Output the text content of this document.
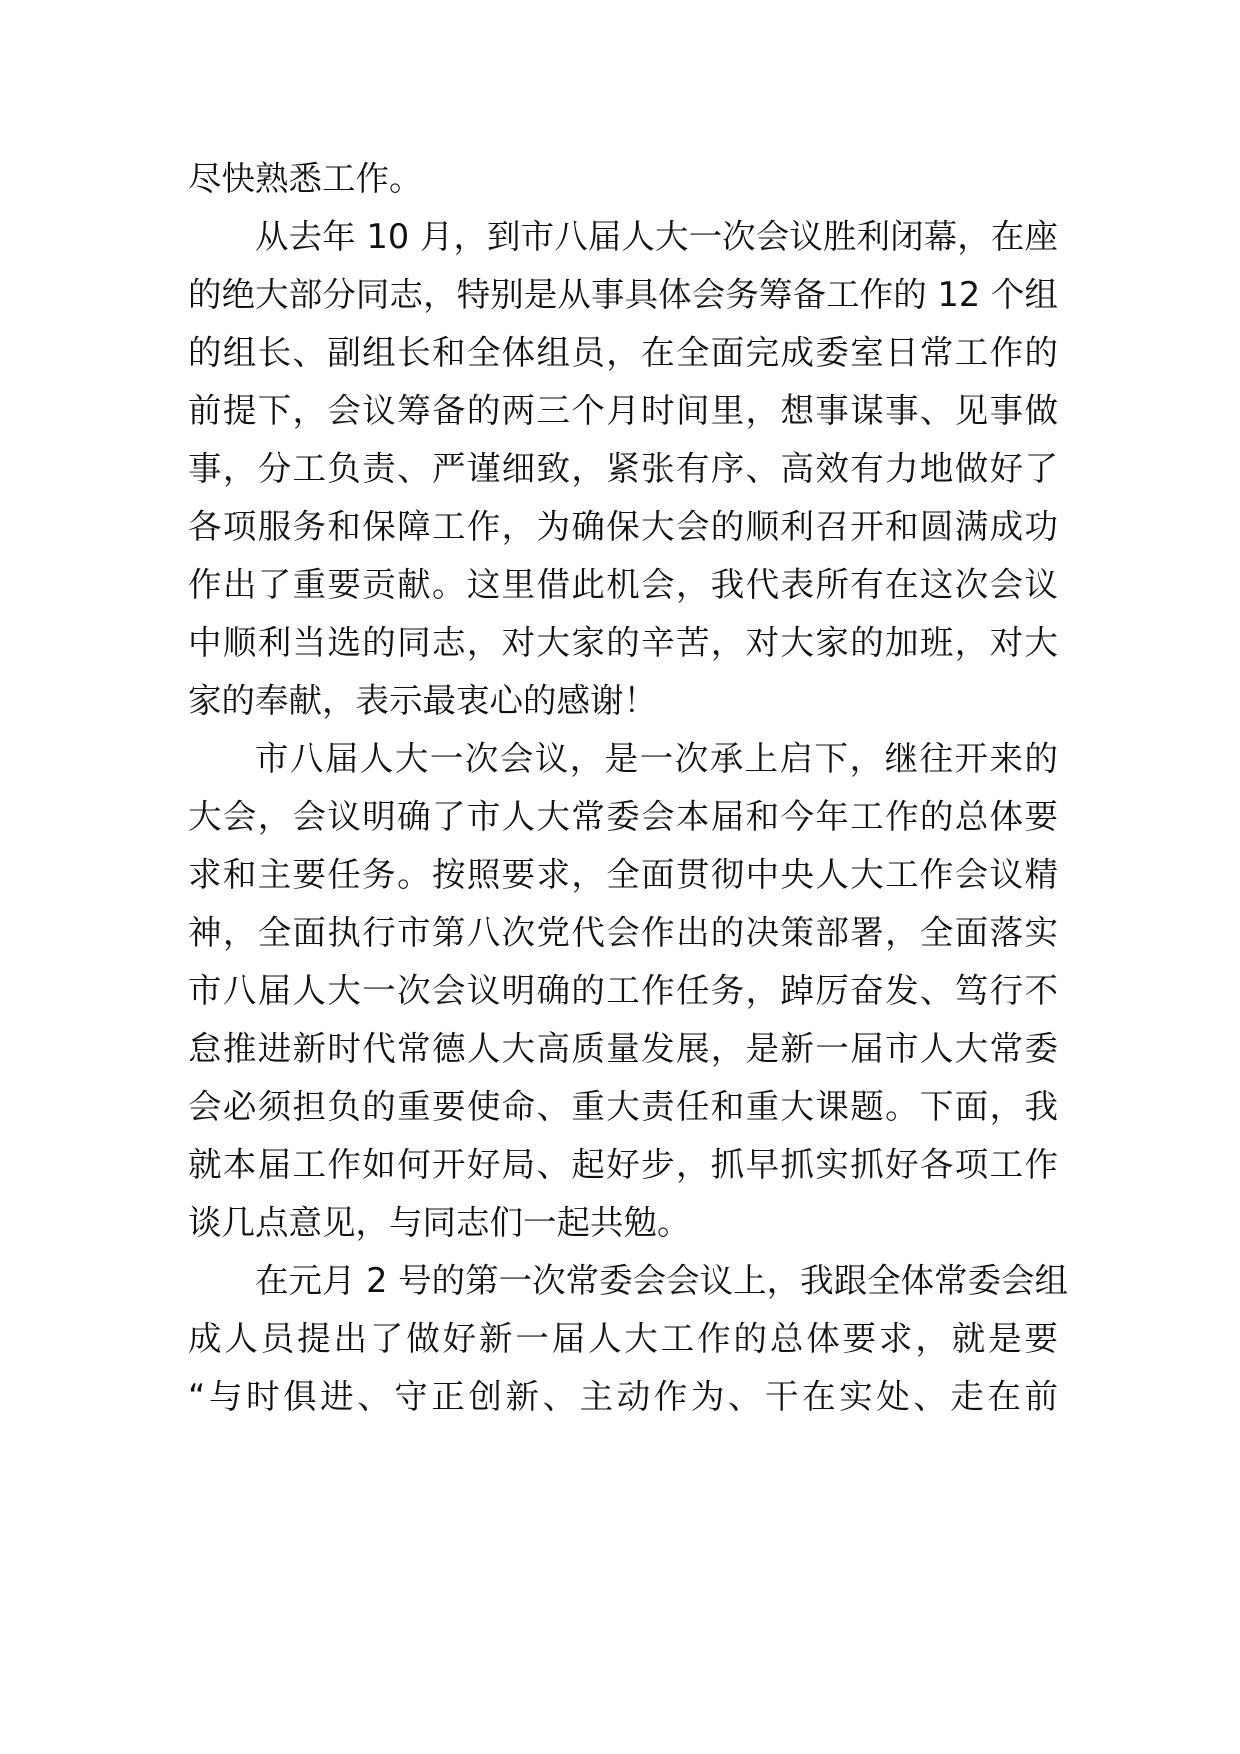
尽快熟悉工作。
从去年 10 月，到市八届人大一次会议胜利闭幕，在座
的绝大部分同志，特别是从事具体会务筹备工作的 12 个组
的组长、副组长和全体组员，在全面完成委室日常工作的
前提下，会议筹备的两三个月时间里，想事谋事、见事做
事，分工负责、严谨细致，紧张有序、高效有力地做好了
各项服务和保障工作，为确保大会的顺利召开和圆满成功
作出了重要贡献。这里借此机会，我代表所有在这次会议
中顺利当选的同志，对大家的辛苦，对大家的加班，对大
家的奉献，表示最衷心的感谢！
市八届人大一次会议，是一次承上启下，继往开来的
大会，会议明确了市人大常委会本届和今年工作的总体要
求和主要任务。按照要求，全面贯彻中央人大工作会议精
神，全面执行市第八次党代会作出的决策部署，全面落实
市八届人大一次会议明确的工作任务，踔厉奋发、笃行不
怠推进新时代常德人大高质量发展，是新一届市人大常委
会必须担负的重要使命、重大责任和重大课题。下面，我
就本届工作如何开好局、起好步，抓早抓实抓好各项工作
谈几点意见，与同志们一起共勉。
在元月 2 号的第一次常委会会议上，我跟全体常委会组
成人员提出了做好新一届人大工作的总体要求，就是要
“与时俱进、守正创新、主动作为、干在实处、走在前
